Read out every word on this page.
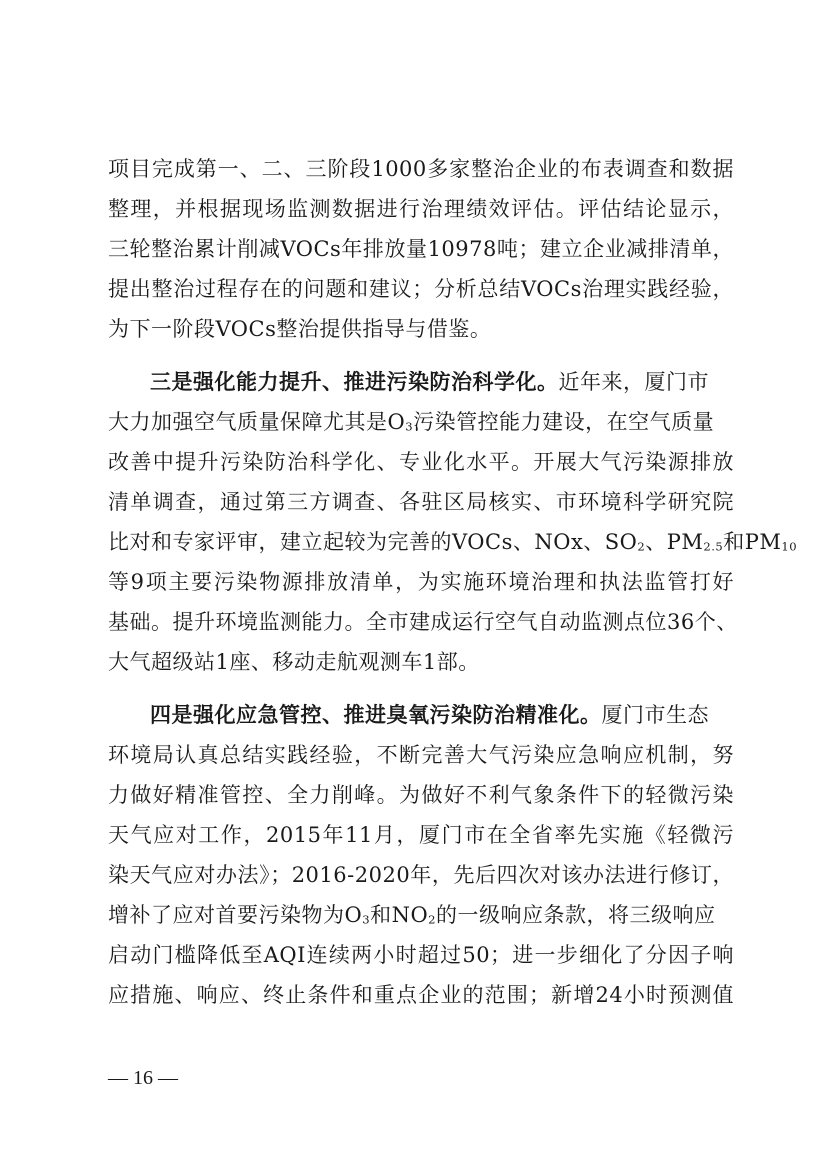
项目完成第一、二、三阶段1000多家整治企业的布表调查和数据
整理，并根据现场监测数据进行治理绩效评估。评估结论显示，
三轮整治累计削减VOCs年排放量10978吨；建立企业减排清单，
提出整治过程存在的问题和建议；分析总结VOCs治理实践经验，
为下一阶段VOCs整治提供指导与借鉴。
三是强化能力提升、推进污染防治科学化。近年来，厦门市
大力加强空气质量保障尤其是$O_3$污染管控能力建设，在空气质量
改善中提升污染防治科学化、专业化水平。开展大气污染源排放
清单调查，通过第三方调查、各驻区局核实、市环境科学研究院
比对和专家评审，建立起较为完善的VOCs、NOx、$SO_2$、$PM_{2.5}$和$PM_{10}$
等9项主要污染物源排放清单，为实施环境治理和执法监管打好
基础。提升环境监测能力。全市建成运行空气自动监测点位36个、
大气超级站1座、移动走航观测车1部。
四是强化应急管控、推进臭氧污染防治精准化。厦门市生态
环境局认真总结实践经验，不断完善大气污染应急响应机制，努
力做好精准管控、全力削峰。为做好不利气象条件下的轻微污染
天气应对工作，2015年11月，厦门市在全省率先实施《轻微污
染天气应对办法》；2016-2020年，先后四次对该办法进行修订，
增补了应对首要污染物为$O_3$和$NO_2$的一级响应条款，将三级响应
启动门槛降低至AQI连续两小时超过50；进一步细化了分因子响
应措施、响应、终止条件和重点企业的范围；新增24小时预测值
— 16 —
